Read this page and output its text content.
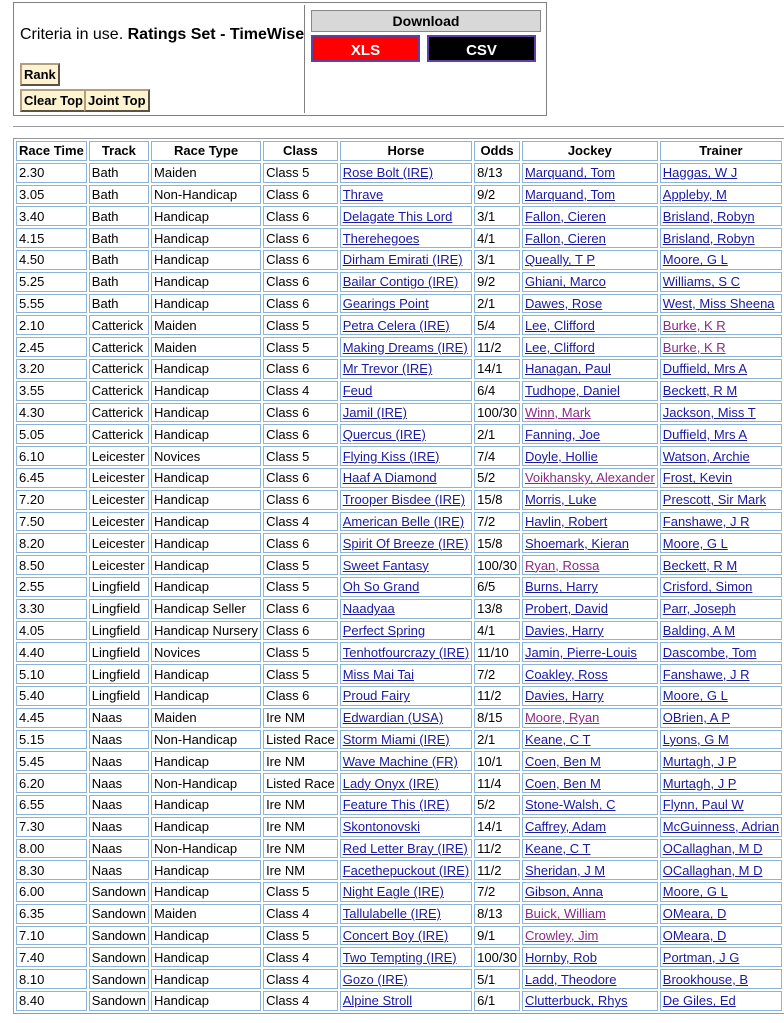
Criteria in use. Ratings Set - TimeWise
Rank
Clear Top Joint Top
Download
XLS	CSV
Race Time	Track	Race Type	Class	Horse	Odds	Jockey	Trainer
2.30	Bath	Maiden	Class 5	Rose Bolt (IRE)	8/13	Marquand, Tom	Haggas, W J
3.05	Bath	Non-Handicap	Class 6	Thrave	9/2	Marquand, Tom	Appleby, M
3.40	Bath	Handicap	Class 6	Delagate This Lord	3/1	Fallon, Cieren	Brisland, Robyn
4.15	Bath	Handicap	Class 6	Therehegoes	4/1	Fallon, Cieren	Brisland, Robyn
4.50	Bath	Handicap	Class 6	Dirham Emirati (IRE)	3/1	Queally, T P	Moore, G L
5.25	Bath	Handicap	Class 6	Bailar Contigo (IRE)	9/2	Ghiani, Marco	Williams, S C
5.55	Bath	Handicap	Class 6	Gearings Point	2/1	Dawes, Rose	West, Miss Sheena
2.10	Catterick	Maiden	Class 5	Petra Celera (IRE)	5/4	Lee, Clifford	Burke, K R
2.45	Catterick	Maiden	Class 5	Making Dreams (IRE)	11/2	Lee, Clifford	Burke, K R
3.20	Catterick	Handicap	Class 6	Mr Trevor (IRE)	14/1	Hanagan, Paul	Duffield, Mrs A
3.55	Catterick	Handicap	Class 4	Feud	6/4	Tudhope, Daniel	Beckett, R M
4.30	Catterick	Handicap	Class 6	Jamil (IRE)	100/30	Winn, Mark	Jackson, Miss T
5.05	Catterick	Handicap	Class 6	Quercus (IRE)	2/1	Fanning, Joe	Duffield, Mrs A
6.10	Leicester	Novices	Class 5	Flying Kiss (IRE)	7/4	Doyle, Hollie	Watson, Archie
6.45	Leicester	Handicap	Class 6	Haaf A Diamond	5/2	Voikhansky, Alexander	Frost, Kevin
7.20	Leicester	Handicap	Class 6	Trooper Bisdee (IRE)	15/8	Morris, Luke	Prescott, Sir Mark
7.50	Leicester	Handicap	Class 4	American Belle (IRE)	7/2	Havlin, Robert	Fanshawe, J R
8.20	Leicester	Handicap	Class 6	Spirit Of Breeze (IRE)	15/8	Shoemark, Kieran	Moore, G L
8.50	Leicester	Handicap	Class 5	Sweet Fantasy	100/30	Ryan, Rossa	Beckett, R M
2.55	Lingfield	Handicap	Class 5	Oh So Grand	6/5	Burns, Harry	Crisford, Simon
3.30	Lingfield	Handicap Seller	Class 6	Naadyaa	13/8	Probert, David	Parr, Joseph
4.05	Lingfield	Handicap Nursery	Class 6	Perfect Spring	4/1	Davies, Harry	Balding, A M
4.40	Lingfield	Novices	Class 5	Tenhotfourcrazy (IRE)	11/10	Jamin, Pierre-Louis	Dascombe, Tom
5.10	Lingfield	Handicap	Class 5	Miss Mai Tai	7/2	Coakley, Ross	Fanshawe, J R
5.40	Lingfield	Handicap	Class 6	Proud Fairy	11/2	Davies, Harry	Moore, G L
4.45	Naas	Maiden	Ire NM	Edwardian (USA)	8/15	Moore, Ryan	OBrien, A P
5.15	Naas	Non-Handicap	Listed Race	Storm Miami (IRE)	2/1	Keane, C T	Lyons, G M
5.45	Naas	Handicap	Ire NM	Wave Machine (FR)	10/1	Coen, Ben M	Murtagh, J P
6.20	Naas	Non-Handicap	Listed Race	Lady Onyx (IRE)	11/4	Coen, Ben M	Murtagh, J P
6.55	Naas	Handicap	Ire NM	Feature This (IRE)	5/2	Stone-Walsh, C	Flynn, Paul W
7.30	Naas	Handicap	Ire NM	Skontonovski	14/1	Caffrey, Adam	McGuinness, Adrian
8.00	Naas	Non-Handicap	Ire NM	Red Letter Bray (IRE)	11/2	Keane, C T	OCallaghan, M D
8.30	Naas	Handicap	Ire NM	Facethepuckout (IRE)	11/2	Sheridan, J M	OCallaghan, M D
6.00	Sandown	Handicap	Class 5	Night Eagle (IRE)	7/2	Gibson, Anna	Moore, G L
6.35	Sandown	Maiden	Class 4	Tallulabelle (IRE)	8/13	Buick, William	OMeara, D
7.10	Sandown	Handicap	Class 5	Concert Boy (IRE)	9/1	Crowley, Jim	OMeara, D
7.40	Sandown	Handicap	Class 4	Two Tempting (IRE)	100/30	Hornby, Rob	Portman, J G
8.10	Sandown	Handicap	Class 4	Gozo (IRE)	5/1	Ladd, Theodore	Brookhouse, B
8.40	Sandown	Handicap	Class 4	Alpine Stroll	6/1	Clutterbuck, Rhys	De Giles, Ed
